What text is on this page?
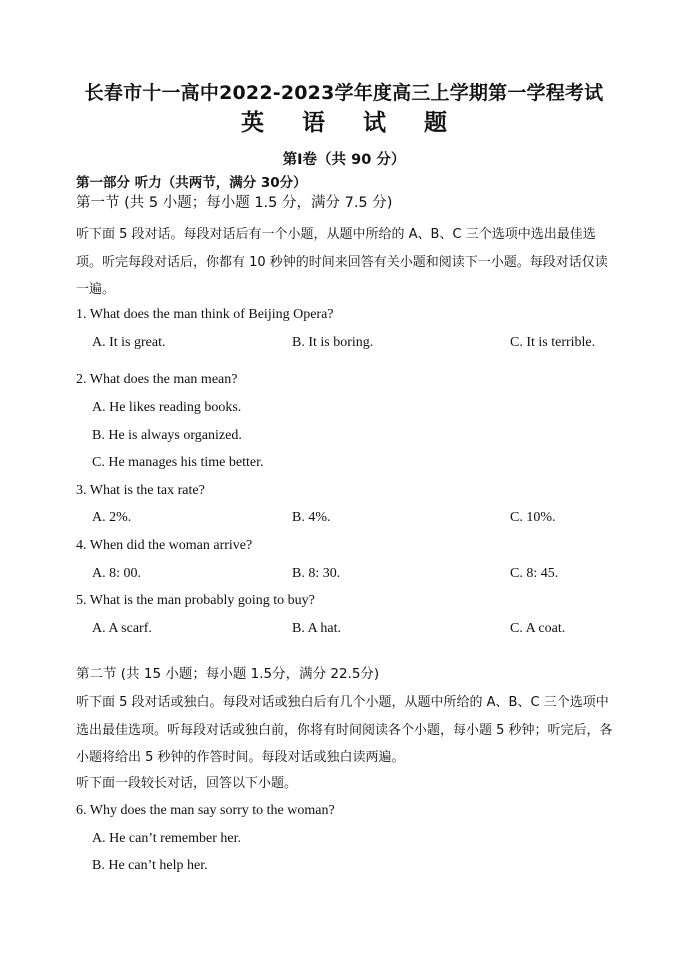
长春市十一高中2022-2023学年度高三上学期第一学程考试
英语试题
第Ⅰ卷（共 90 分）
第一部分 听力（共两节，满分 30分）
第一节 (共 5 小题；每小题 1.5 分，满分 7.5 分)

听下面 5 段对话。每段对话后有一个小题，从题中所给的 A、B、C 三个选项中选出最佳选项。听完每段对话后，你都有 10 秒钟的时间来回答有关小题和阅读下一小题。每段对话仅读一遍。

1. What does the man think of Beijing Opera?
A. It is great.	B. It is boring.	C. It is terrible.
2. What does the man mean?
A. He likes reading books.
B. He is always organized.
C. He manages his time better.
3. What is the tax rate?
A. 2%.	B. 4%.	C. 10%.
4. When did the woman arrive?
A. 8: 00.	B. 8: 30.	C. 8: 45.
5. What is the man probably going to buy?
A. A scarf.	B. A hat.	C. A coat.
第二节 (共 15 小题；每小题 1.5分，满分 22.5分)

听下面 5 段对话或独白。每段对话或独白后有几个小题，从题中所给的 A、B、C 三个选项中选出最佳选项。听每段对话或独白前，你将有时间阅读各个小题，每小题 5 秒钟；听完后，各小题将给出 5 秒钟的作答时间。每段对话或独白读两遍。

听下面一段较长对话，回答以下小题。
6. Why does the man say sorry to the woman?
A. He can’t remember her.
B. He can’t help her.
